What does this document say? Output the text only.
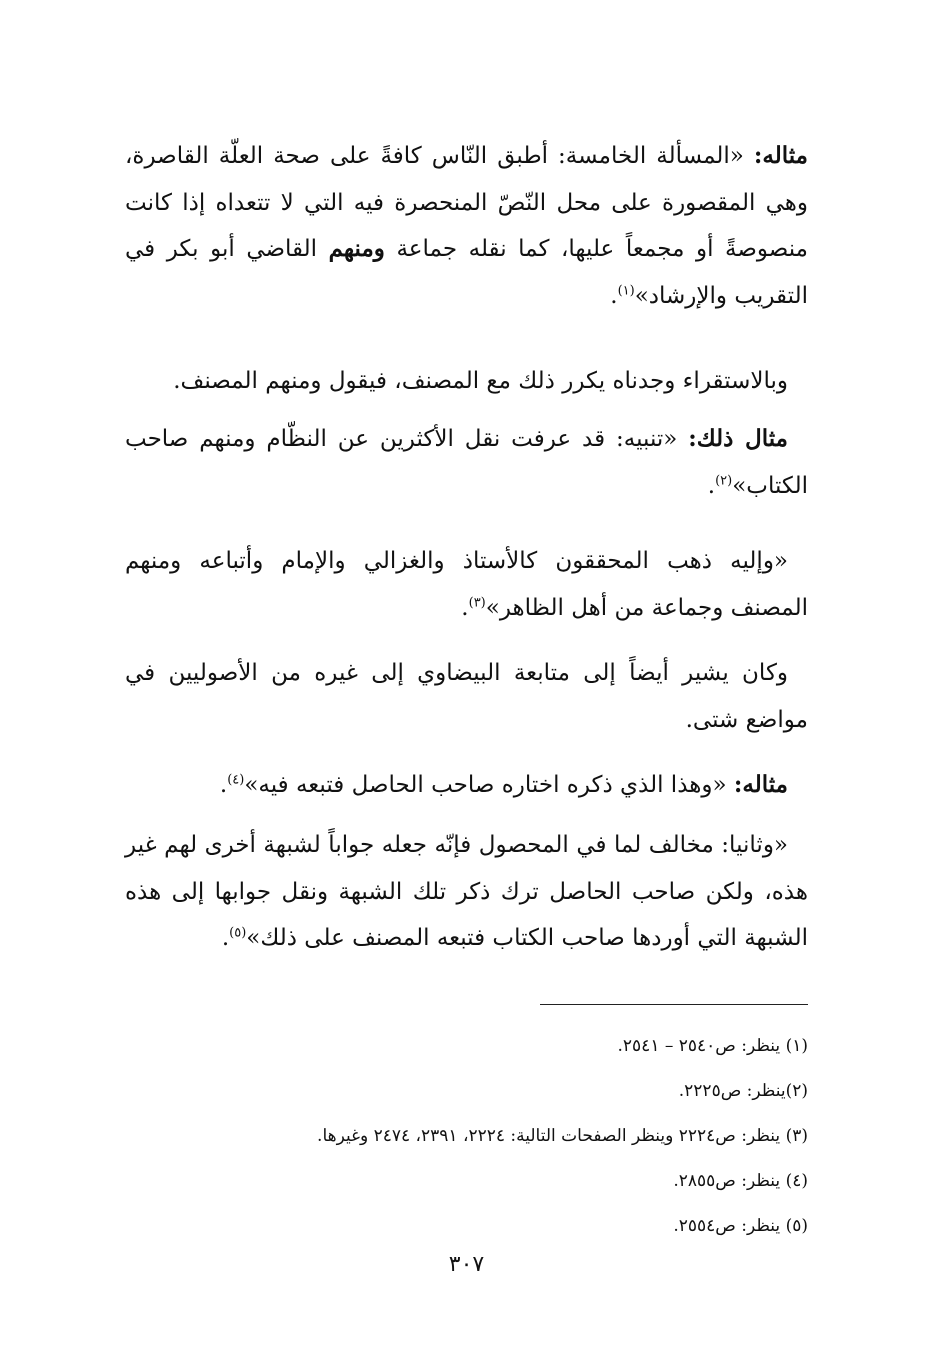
مثاله: «المسألة الخامسة: أطبق النّاس كافةً على صحة العلّة القاصرة، وهي المقصورة على محل النّصّ المنحصرة فيه التي لا تتعداه إذا كانت منصوصةً أو مجمعاً عليها، كما نقله جماعة ومنهم القاضي أبو بكر في التقريب والإرشاد»$^{(١)}$.
وبالاستقراء وجدناه يكرر ذلك مع المصنف، فيقول ومنهم المصنف.
مثال ذلك: «تنبيه: قد عرفت نقل الأكثرين عن النظّام ومنهم صاحب الكتاب»$^{(٢)}$.
«وإليه ذهب المحققون كالأستاذ والغزالي والإمام وأتباعه ومنهم المصنف وجماعة من أهل الظاهر»$^{(٣)}$.
وكان يشير أيضاً إلى متابعة البيضاوي إلى غيره من الأصوليين في مواضع شتى.
مثاله: «وهذا الذي ذكره اختاره صاحب الحاصل فتبعه فيه»$^{(٤)}$.
«وثانيا: مخالف لما في المحصول فإنّه جعله جواباً لشبهة أخرى لهم غير هذه، ولكن صاحب الحاصل ترك ذكر تلك الشبهة ونقل جوابها إلى هذه الشبهة التي أوردها صاحب الكتاب فتبعه المصنف على ذلك»$^{(٥)}$.
(١) ينظر: ص٢٥٤٠ – ٢٥٤١.
(٢)ينظر: ص٢٢٢٥.
(٣) ينظر: ص٢٢٢٤ وينظر الصفحات التالية: ٢٢٢٤، ٢٣٩١، ٢٤٧٤ وغيرها.
(٤) ينظر: ص٢٨٥٥.
(٥) ينظر: ص٢٥٥٤.
٣٠٧
